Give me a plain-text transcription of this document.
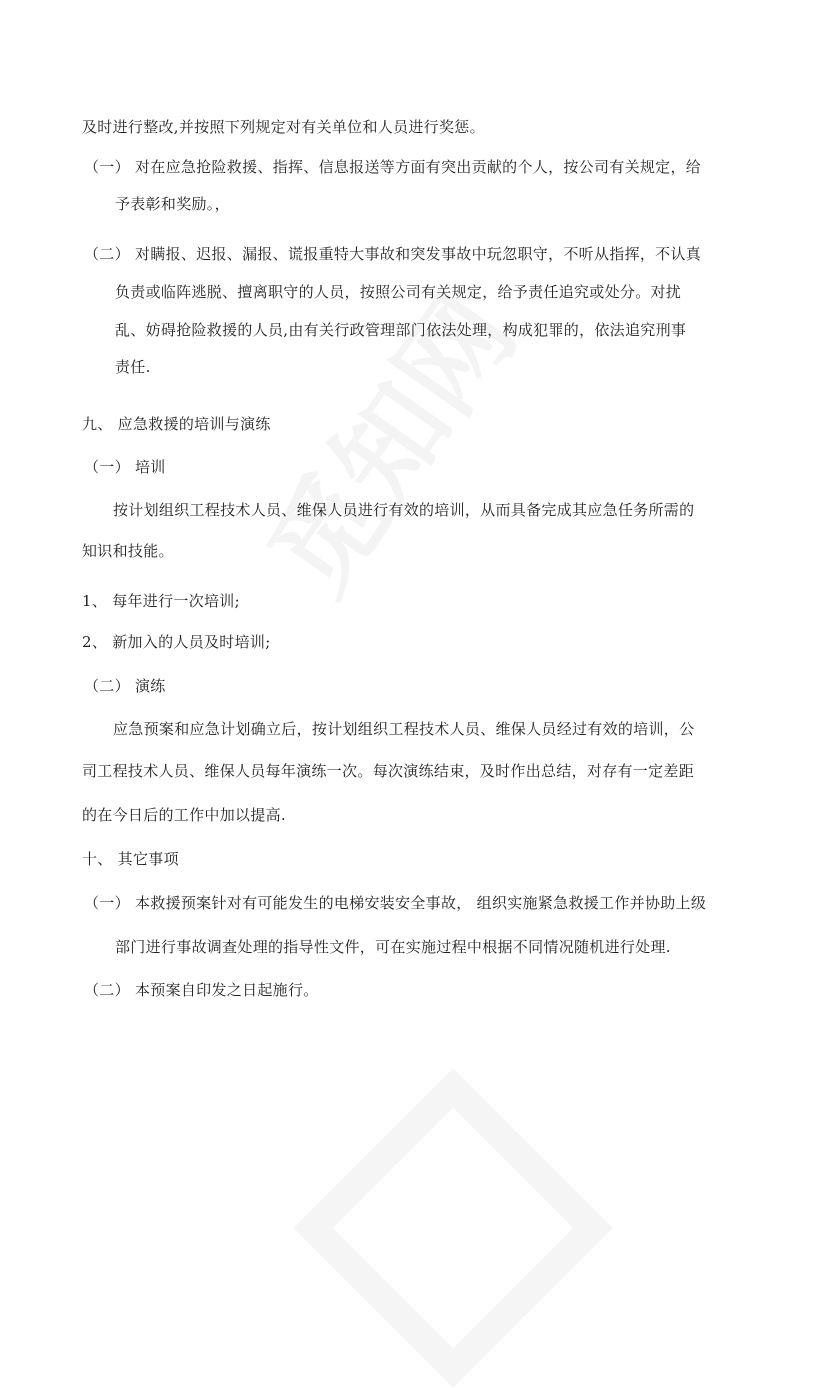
及时进行整改,并按照下列规定对有关单位和人员进行奖惩。
（一） 对在应急抢险救援、指挥、信息报送等方面有突出贡献的个人，按公司有关规定，给
予表彰和奖励。，
（二） 对瞒报、迟报、漏报、谎报重特大事故和突发事故中玩忽职守，不听从指挥，不认真
负责或临阵逃脱、擅离职守的人员，按照公司有关规定，给予责任追究或处分。对扰
乱、妨碍抢险救援的人员,由有关行政管理部门依法处理，构成犯罪的，依法追究刑事
责任.
九、 应急救援的培训与演练
（一） 培训
按计划组织工程技术人员、维保人员进行有效的培训，从而具备完成其应急任务所需的
知识和技能。
1、 每年进行一次培训;
2、 新加入的人员及时培训;
（二） 演练
应急预案和应急计划确立后，按计划组织工程技术人员、维保人员经过有效的培训，公
司工程技术人员、维保人员每年演练一次。每次演练结束，及时作出总结，对存有一定差距
的在今日后的工作中加以提高.
十、 其它事项
（一） 本救援预案针对有可能发生的电梯安装安全事故， 组织实施紧急救援工作并协助上级
部门进行事故调查处理的指导性文件，可在实施过程中根据不同情况随机进行处理.
（二） 本预案自印发之日起施行。
